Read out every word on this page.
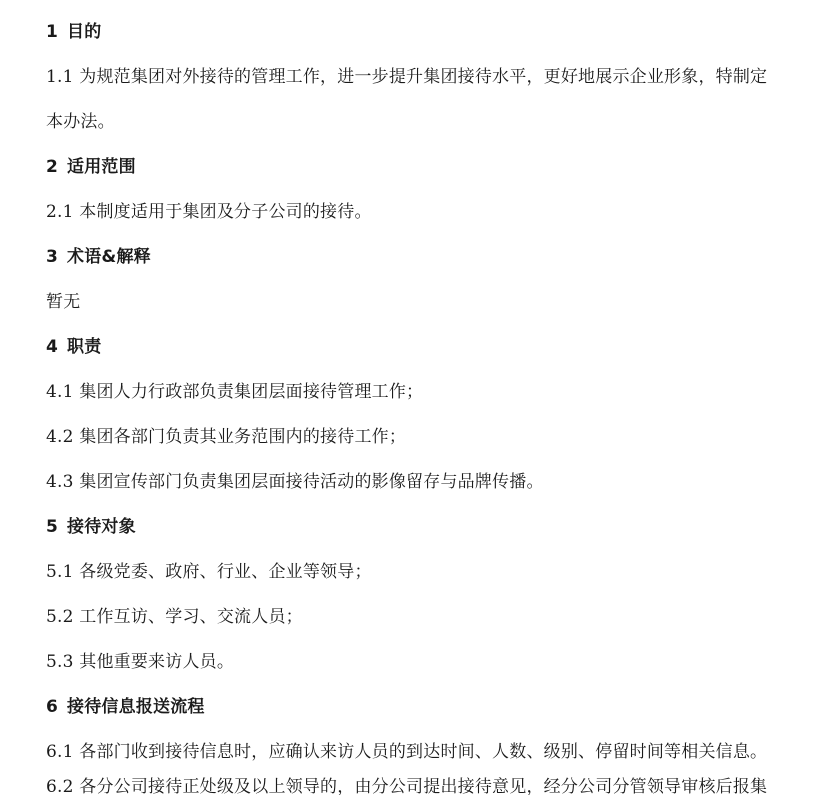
1 目的
1.1 为规范集团对外接待的管理工作，进一步提升集团接待水平，更好地展示企业形象，特制定
本办法。
2 适用范围
2.1 本制度适用于集团及分子公司的接待。
3 术语&解释
暂无
4 职责
4.1 集团人力行政部负责集团层面接待管理工作；
4.2 集团各部门负责其业务范围内的接待工作；
4.3 集团宣传部门负责集团层面接待活动的影像留存与品牌传播。
5 接待对象
5.1 各级党委、政府、行业、企业等领导；
5.2 工作互访、学习、交流人员；
5.3 其他重要来访人员。
6 接待信息报送流程
6.1 各部门收到接待信息时，应确认来访人员的到达时间、人数、级别、停留时间等相关信息。
6.2 各分公司接待正处级及以上领导的，由分公司提出接待意见，经分公司分管领导审核后报集
